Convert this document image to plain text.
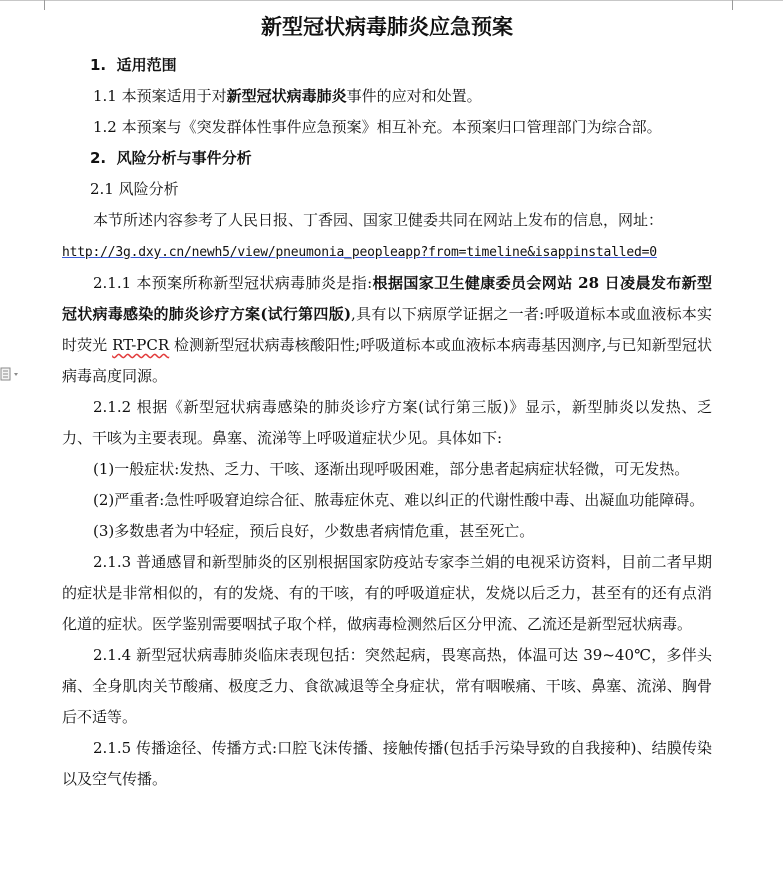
新型冠状病毒肺炎应急预案

1. 适用范围

1.1 本预案适用于对新型冠状病毒肺炎事件的应对和处置。

1.2 本预案与《突发群体性事件应急预案》相互补充。本预案归口管理部门为综合部。

2. 风险分析与事件分析

2.1 风险分析

本节所述内容参考了人民日报、丁香园、国家卫健委共同在网站上发布的信息，网址：

http://3g.dxy.cn/newh5/view/pneumonia_peopleapp?from=timeline&isappinstalled=0

2.1.1 本预案所称新型冠状病毒肺炎是指:根据国家卫生健康委员会网站 28 日凌晨发布新型冠状病毒感染的肺炎诊疗方案(试行第四版),具有以下病原学证据之一者:呼吸道标本或血液标本实时荧光 RT-PCR 检测新型冠状病毒核酸阳性;呼吸道标本或血液标本病毒基因测序,与已知新型冠状病毒高度同源。

2.1.2 根据《新型冠状病毒感染的肺炎诊疗方案(试行第三版)》显示，新型肺炎以发热、乏力、干咳为主要表现。鼻塞、流涕等上呼吸道症状少见。具体如下:

(1)一般症状:发热、乏力、干咳、逐渐出现呼吸困难，部分患者起病症状轻微，可无发热。

(2)严重者:急性呼吸窘迫综合征、脓毒症休克、难以纠正的代谢性酸中毒、出凝血功能障碍。

(3)多数患者为中轻症，预后良好，少数患者病情危重，甚至死亡。

2.1.3 普通感冒和新型肺炎的区别根据国家防疫站专家李兰娟的电视采访资料，目前二者早期的症状是非常相似的，有的发烧、有的干咳，有的呼吸道症状，发烧以后乏力，甚至有的还有点消化道的症状。医学鉴别需要咽拭子取个样，做病毒检测然后区分甲流、乙流还是新型冠状病毒。

2.1.4 新型冠状病毒肺炎临床表现包括：突然起病，畏寒高热，体温可达 39~40℃，多伴头痛、全身肌肉关节酸痛、极度乏力、食欲减退等全身症状，常有咽喉痛、干咳、鼻塞、流涕、胸骨后不适等。

2.1.5 传播途径、传播方式:口腔飞沫传播、接触传播(包括手污染导致的自我接种)、结膜传染以及空气传播。
